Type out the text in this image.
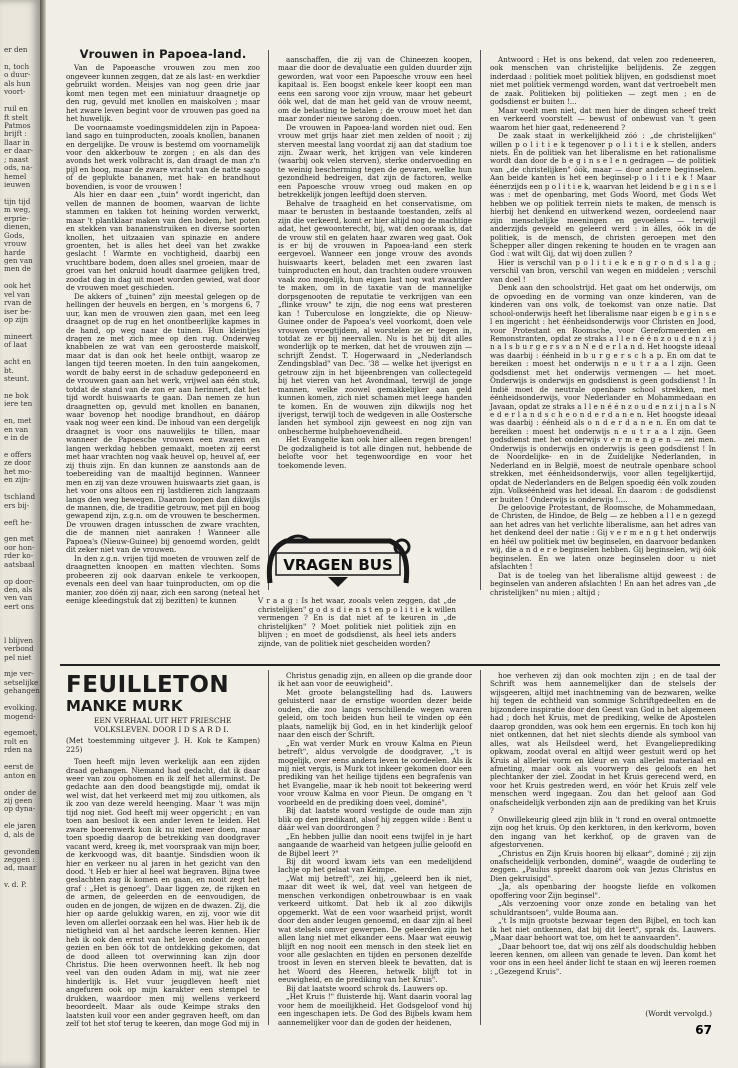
er den
n, toch
o duur-
als hun
voort-
ruil en
ft stelt
Patmos
brijft :
llaar in
er daar-
; naast
ods, na-
hemel
ieuwen
tijn tijd
m weg,
erprie-
dienen,
Gods,
vrouw
harde
gen van
men de
ook het
vel van
rvan de
iser be-
op zijn
mineert
of laat
acht en
bt.
steunt.
ne bok
iere ten
en, met
en van
e in de
e offers
ze door
het mo-
en zijn-
tschland
ers bij-
eeft he-
gen met
oor hon-
rder ko-
aatsbaal
op door-
den, als
ven van
eert ons
l blijven
verbond
pel niet
mje ver-
setselijke
gehangen
evolking.
mogend-
egemoet,
rolt en
rden na
eerst de
anton en
onder de
zij geen
op dyna-
ele jaren
d, als de
gevonden
zeggen :
ad, maar
v. d. P.
Vrouwen in Papoea-land.

Van de Papoeasche vrouwen zou men zoo ongeveer kunnen zeggen, dat ze als last- en werkdier gebruikt worden. Meisjes van nog geen drie jaar komt men tegen met een miniatuur draagnetje op den rug, gevuld met knollen en maiskolven ; maar het zware leven begint voor de vrouwen pas goed na het huwelijk.

De voornaamste voedingsmiddelen zijn in Papoea-land sago en tuinproducten, zooals knollen, bananen en dergelijke. De vrouw is bestemd om voornamelijk voor den akkerbouw te zorgen ; en als dan des avonds het werk volbracht is, dan draagt de man z'n pijl en boog, maar de zware vracht van de natte sago of de geplukte bananen, met hak- en brandhout bovendien, is voor de vrouwen !

Als hier en daar een „tuin" wordt ingericht, dan vellen de mannen de boomen, waarvan de lichte stammen en takken tot heining worden verwerkt, maar 't plantklaar maken van den bodem, het poten en stekken van bananenstruiken en diverse soorten knollen, het uitzaaien van spinazie en andere groenten, het is alles het deel van het zwakke geslacht ! Warmte en vochtigheid, daarbij een vruchtbare bodem, doen alles snel groeien, maar de groei van het onkruid houdt daarmee gelijken tred, zoodat dag in dag uit moet worden gewied, wat door de vrouwen moet geschieden.

De akkers of „tuinen" zijn meestal gelegen op de hellingen der heuvels en bergen, en 's morgens 6, 7 uur, kan men de vrouwen zien gaan, met een leeg draagnet op de rug en het onontbeerlijke kapmes in de hand, op weg naar de tuinen. Hun kleintjes dragen ze met zich mee op den rug. Onderweg knabbelen ze wat van een geroosterde maiskolf, maar dat is dan ook het heele ontbijt, waarop ze langen tijd teeren moeten. In den tuin aangekomen, wordt de baby eerst in de schaduw gedeponeerd en de vrouwen gaan aan het werk, vrijwel aan één stuk, totdat de stand van de zon er aan herinnert, dat het tijd wordt huiswaarts te gaan. Dan nemen ze hun draagnetten op, gevuld met knollen en bananen, waar bovenop het noodige brandhout, en dáárop vaak nog weer een kind. De inhoud van een dergelijk draagnet is voor ons nauwelijks te tillen, maar wanneer de Papoesche vrouwen een zwaren en langen werkdag hebben gemaakt, moeten zij eerst met haar vrachten nog vaak heuvel op, heuvel af, eer zij thuis zijn. En dan kunnen ze aanstonds aan de toebereiding van de maaltijd beginnen. Wanneer men en zij van deze vrouwen huiswaarts ziet gaan, is het voor ons altoos een rij lastdieren zich langzaam langs den weg bewegen. Daarom loopen dan dikwijls de mannen, die, de traditie getrouw, met pijl en boog gewapend zijn, z.g.n. om de vrouwen te beschermen. De vrouwen dragen intusschen de zware vrachten, die de mannen niet aanraken ! Wanneer alle Papoea's (Nieuw-Guinee) bij genoemd worden, geldt dit zeker niet van de vrouwen.

In den z.g.n. vrijen tijd moeten de vrouwen zelf de draagnetten knoopen en matten vlechten. Soms probeeren zij ook daarvan enkele te verkoopen, evenals een deel van haar tuinproducten, om op die manier, zoo dóén zij naar, zich een sarong (neteal het eenige kleedingstuk dat zij bezitten) te kunnen

aanschaffen, die zij van de Chineezen koopen, maar die door de devaluatie een gulden duurder zijn geworden, wat voor een Papoesche vrouw een heel kapitaal is. Een boogst enkele keer koopt een man eens een sarong voor zijn vrouw, maar het gebeurt óók wel, dat de man het geld van de vrouw neemt, om de belasting te betalen ; de vrouw moet het dan maar zonder nieuwe sarong doen.

De vrouwen in Papoea-land worden niet oud. Een vrouw met grijs haar ziet men zelden of nooit ; zij sterven meestal lang voordat zij aan dat stadium toe zijn. Zwaar werk, het krijgen van vele kinderen (waarbij ook velen sterven), sterke ondervoeding en te weinig bescherming tegen de gevaren, welke hun gezondheid bedreigen, dat zijn de factoren, welke een Papoesche vrouw vroeg oud maken en op betrekkelijk jongen leeftijd doen sterven.

Behalve de traagheid en het conservatisme, om maar te berusten in bestaande toestanden, zelfs al zijn die verkeerd, komt er hier altijd nog de machtige adat, het gewoonterecht, bij, wat den ooraak is, dat de vrouw stil en gelaten haar zwaren weg gaat. Ook is er bij de vrouwen in Papoea-land een sterk eergevoel. Wanneer een jonge vrouw des avonds huiswaarts keert, beladen met een zwaren last tuinproducten en hout, dan trachten oudere vrouwen vaak zoo mogelijk, hun eigen last nog wat zwaarder te maken, om in de taxatie van de mannelijke dorpsgenooten de reputatie te verkrijgen van een „flinke vrouw" te zijn, die nog eens wat presteren kan ! Tuberculose en longziekte, die op Nieuw-Guinee onder de Papoea's veel voorkomt, doen vele vrouwen vroegtijdem, al worstelen ze er tegen in, totdat ze er bij neervallen. Nu is het bij dit alles wonderlijk op te merken, dat het de vrouwen zijn — schrijft Zendst. T. Hogerwaard in „Nederlandsch Zendingsblad" van Dec. '38 — welke het ijverigst en getrouw zijn in het bijeenbrengen van collectegeld bij het vieren van het Avondmaal, terwijl de jonge mannen, welke zoowel gemakkelijker aan geld kunnen komen, zich niet schamen met leege handen te komen. En de wouwen zijn dikwijls nog het ijverigst, terwijl toch de wedgeven in alle Oostersche landen het symbool zijn geweest en nog zijn van onbescherme hulpbehoevendheid.

Het Evangelie kan ook hier alleen regen brengen! De godzaligheid is tot alle dingen nut, hebbende de belofte voor het tegenwoordige en voor het toekomende leven.

VRAGEN BUS
V r a a g : Is het waar, zooals velen zeggen, dat „de christelijken" g o d s d i e n s t en p o l i t i e k willen vermengen ? En is dat niet af te keuren in „de christelijken" ? Moet politiek niet politiek zijn en blijven ; en moet de godsdienst, als heel iets anders zijnde, van de politiek niet gescheiden worden?

Antwoord : Het is ons bekend, dat velen zoo redeneeren, ook menschen van christelijke belijdenis. Ze zeggen inderdaad : politiek moet politiek blijven, en godsdienst moet niet met politiek vermengd worden, want dat vertroebelt men de zaak. Politieken bij politieken — zegt men ; en de godsdienst er buiten !...

Maar voelt men niet, dat men hier de dingen scheef trekt en verkeerd voorstelt — bewust of onbewust van 't geen waarom het hier gaat, redeneerend ?

De zaak staat in werkelijkheid zóó : „de christelijken" willen p o l i t i e k tegenover p o l i t i e k stellen, anders niets. En de politiek van het liberalisme en het rationalisme wordt dan door de b e g i n s e l e n gedragen — de politiek van „de christelijken" óók, maar — door andere beginselen. Aan beide kanten is het een beginsel-p o l i t i e k ! Maar éénerzijds een p o l i t i e k, waarvan het leidend b e g i n s e l was : met de openbaring, met Gods Woord, met Gods Wet hebben we op politiek terrein niets te maken, de mensch is hierbij het denkend en uitwerkend wezen, oordeelend naar zijn menschelijke meeningen en gevoelens — terwijl anderzijds geveeld en geleerd werd : in álles, óók in de politiek, is de mensch, de christen geroepen met den Schepper aller dingen rekening te houden en te vragen aan God : wat wilt Gij, dat wij doen zullen ?

Hier is verschil van p o l i t i e k e n g r o n d s l a g ; verschil van bron, verschil van wegen en middelen ; verschil van doel !

Denk aan den schoolstrijd. Het gaat om het onderwijs, om de opvoeding en de vorming van onze kinderen, van de kinderen van ons volk, de toekomst van onze natie. Dat school-onderwijs heeft het liberalisme naar eigen b e g i n s e l en ingericht : het éénheidsonderwijs voor Christen en Jood, voor Protestant en Roomsche, voor Gereformeerden en Remonstranten, opdat ze straks a l l e n é é n z o u d e n z i j n a l s b u r g e r s v a n N e d e r l a n d. Het hoogste ideaal was daarbij : éénheid in b u r g e r s c h a p. En om dat te bereiken : moest het onderwijs n e u t r a a l zijn. Geen godsdienst met het onderwijs vermengen — het moet. Onderwijs is onderwijs en godsdienst is geen godsdienst ! In Indië moet de neutrale openbare school strekken, met éénheidsonderwijs, voor Nederlander en Mohammedaan en Javaan, opdat ze straks a l l e n é é n z o u d e n z i j n a l s N e d e r l a n d s c h e o n d e r d a n e n. Het hoogste ideaal was daarbij : éénheid als o n d e r d a n e n. En om dat te bereiken : moest het onderwijs n e u t r a a l zijn. Geen godsdienst met het onderwijs v e r m e n g e n — zei men. Onderwijs is onderwijs en onderwijs is geen godsdienst ! In de Noordelijke- en in de Zuidelijke Nederlanden, in Nederland en in België, moest de neutrale openbare school strekken, met éénheidsonderwijs, voor allen tegelijkertijd, opdat de Nederlanders en de Belgen spoedig één volk zouden zijn. Volkséénheid was het ideaal. En daarom : de godsdienst er buiten ! Onderwijs is onderwijs !....

De geloovige Protestant, de Roomsche, de Mohammedaan, de Christen, de Hindoe, de Belg — ze hebben a l l e n gezegd aan het adres van het verlichte liberalisme, aan het adres van het denkend deel der natie : Gij v e r m e n g t het onderwijs en héél uw politiek met úw beginselen, en daarvoor bedanken wij, die a n d e r e beginselen hebben. Gij beginselen, wij óók beginselen. En we laten onze beginselen door u niet afslachten !

Dat is de toeleg van het liberalisme altijd geweest : de beginselen van anderen afslachten ! En aan het adres van „de christelijken" nu mien ; altijd ;

FEUILLETON
MANKE MURK
EEN VERHAAL UIT HET FRIESCHE VOLKSLEVEN. DOOR I D S A R D I.
(Met toestemming uitgever J. H. Kok te Kampen) 225)

Toen heeft mijn leven werkelijk aan een zijden draad gehangen. Niemand had gedacht, dat ik daar weer van zou ophomen en ik zelf het allerminst. De gedachte aan den dood beangstigde mij, omdat ik wel wist, dat het verkeerd met mij zou uitkomen, als ik zoo van deze wereld heenging. Maar 't was mijn tijd nog niet. God heeft mij weer opgericht ; en van toen aan besloot ik een ander leven te leiden. Het zware boerenwerk kon ik nu niet meer doen, maar toen spoedig daarop de betrekking van doodgraver vacant werd, kreeg ik, met voorspraak van mijn boer, de kerkvoogd was, dit baantje. Sindsdien woon ik hier en verkeer nu al jaren in het gezicht van den dood. 't Heb er hier al heel wat begraven. Bijna twee geslachten zag ik komen en gaan, en nooit zegt het graf : „Het is genoeg". Daar liggen ze, de rijken en de armen, de geleerden en de eenvoudigen, de ouden en de jongen, de wijzen en de dwazen. Zij, die hier op aarde gelukkig waren, en zij, voor wie dit leven om allerlei oorzaak een hel was. Hier heb ik de nietigheid van al het aardsche leeren kennen. Hier heb ik ook den ernst van het leven onder de oogen gezien en ben óók tot de ontdekking gekomen, dat de dood alleen tot overwinning kan zijn door Christus. Die heen overwonnen heeft. Ik heb nog veel van den ouden Adam in mij, wat nie zeer hinderlijk is. Het vuur jeugdleven heeft niet angefuren ook op mijn karakter een stempel te drukken, waardoor men mij wellens verkeerd beoordeelt. Maar als oude Keimpe straks den laatsten kuil voor een ander gegraven heeft, om dan zelf tot het stof terug te keeren, dan moge God mij in

Christus genadig zijn, en alleen op die grande door ik het aan voor de eeuwigheid".

Met groote belangstelling had ds. Lauwers geluisterd naar de ernstige woorden dezer beide ouden, die zoo langs verschillende wegen waren geleid, om toch beiden hun heil te vinden op één plaats, namelijk bij God, en in het kinderlijk geloof naar den eisch der Schrift.

„En wat verder Murk en vrouw Kalma en Pieun betreft", aldus vervolgde de doodgraver, „'t is mogelijk, over eens andera leven te oordeelen. Als ik mij niet vergis, is Murk tot inkeer gekomen door een prediking van het heilige tijdens een begrafenis van het Evangelie, maar ik heb nooit tot bekeering werd voor vrouw Kalma en voor Pieun. De omgang en 't voorbeeld en de prediking doen veel, dominé".

Bij dat laatste woord vestigde de oude man zijn blik op den predikant, alsof hij zeggen wilde : Bent u dáár wel van doordrongen ?

„En hebben jullie dan nooit eens twijfel in je hart aangaande de waarheid van hetgeen jullie geloofd en de Bijbel leert ?"

Bij dit woord kwam iets van een medelijdend lachje op het gelaat van Keimpe.

„Wat mij betreft", zei hij, „geleerd ben ik niet, maar dit weet ik wel, dat veel van hetgeen de menschen verkondigen onbetrouwbaar is en vaak verkeerd uitkomt. Dat heb ik al zoo dikwijls opgemerkt. Wat de een voor waarheid prijst, wordt door den ander leugen genoemd, en daar zijn al heel wat stelsels omver gewerpen. De geleerden zijn het allen lang niet met elkander eens. Maar wat eeuwig blijft en nog nooit een mensch in den steek liet en voor alle geslachten en tijden en personen dezelfde troost in leven en sterven bleek te bevatten, dat is het Woord des Heeren, hetwelk blijft tot in eeuwigheid, en de prediking van het Kruis".

Bij dat laatste woord schrok ds. Lauwers op.

„Het Kruis !" fluisterde hij. Want daarin vooral lag voor hem de moeilijkheid. Het Godsgeloof vond hij een ingeschapen iets. De God des Bijbels kwam hem aannemelijker voor dan de goden der heidenen,

hoe verheven zij dan ook mochten zijn ; en de taal der Schrift was hem aannemelijker dan de stelsels der wijsgeeren, altijd met inachtneming van de bezwaren, welke hij tegen de echtheid van sommige Schriftgedeelten en de bijzondere inspiratie door den Geest van God in het algemeen had ; doch het Kruis, met de prediking, welke de Apostelen daarop grondden, was ook hem een ergernis. En toch kon hij niet ontkennen, dat het niet slechts diende als symbool van alles, wat als Heilsdeel werd, het Evangelieprediking opkwam, zoodat overal en altijd weer gestuit werd op het Kruis al allerlei vorm en kleur en van allerlei materiaal en afmeting, maar ook als voorwerp des geloofs en het plechtanker der ziel. Zoodat in het Kruis gerecend werd, en voor het Kruis gestreden werd, en vóór het Kruis zelf vele menschen werd ingegaan. Zou dan het geloof aan God onafscheidelijk verbonden zijn aan de prediking van het Kruis ?

Onwillekeurig gleed zijn blik in 't rond en overal ontmoette zijn oog het kruis. Op den kerktoren, in den kerkvorm, boven den ingang van het kerkhof, op de graven van de afgestorvenen.

„Christus en Zijn Kruis hooren bij elkaar", dominé ; zij zijn onafscheidelijk verbonden, dominé", waagde de ouderling te zeggen. „Paulus spreekt daarom ook van Jezus Christus en Dien gekruisigd".

„Ja, als openbaring der hoogste liefde en volkomen opoffering voor Zijn beginsel".

„Als verzoening voor onze zonde en betaling van het schuldrantsoen", vulde Bouma aan.

„'t Is mijn grootste bezwaar tegen den Bijbel, en toch kan ik het niet ontkennen, dat bij dit leert", sprak ds. Lauwers. „Maar daar behoort wat toe, om het te aanvaarden".

„Daar behoort toe, dat wij ons zélf als doodschuldig hebben leeren kennen, om alleen van genade te leven. Dan komt het voor ons in een heel ánder licht te staan en wij leeren roemen : „Gezegend Kruis".

(Wordt vervolgd.)
67
